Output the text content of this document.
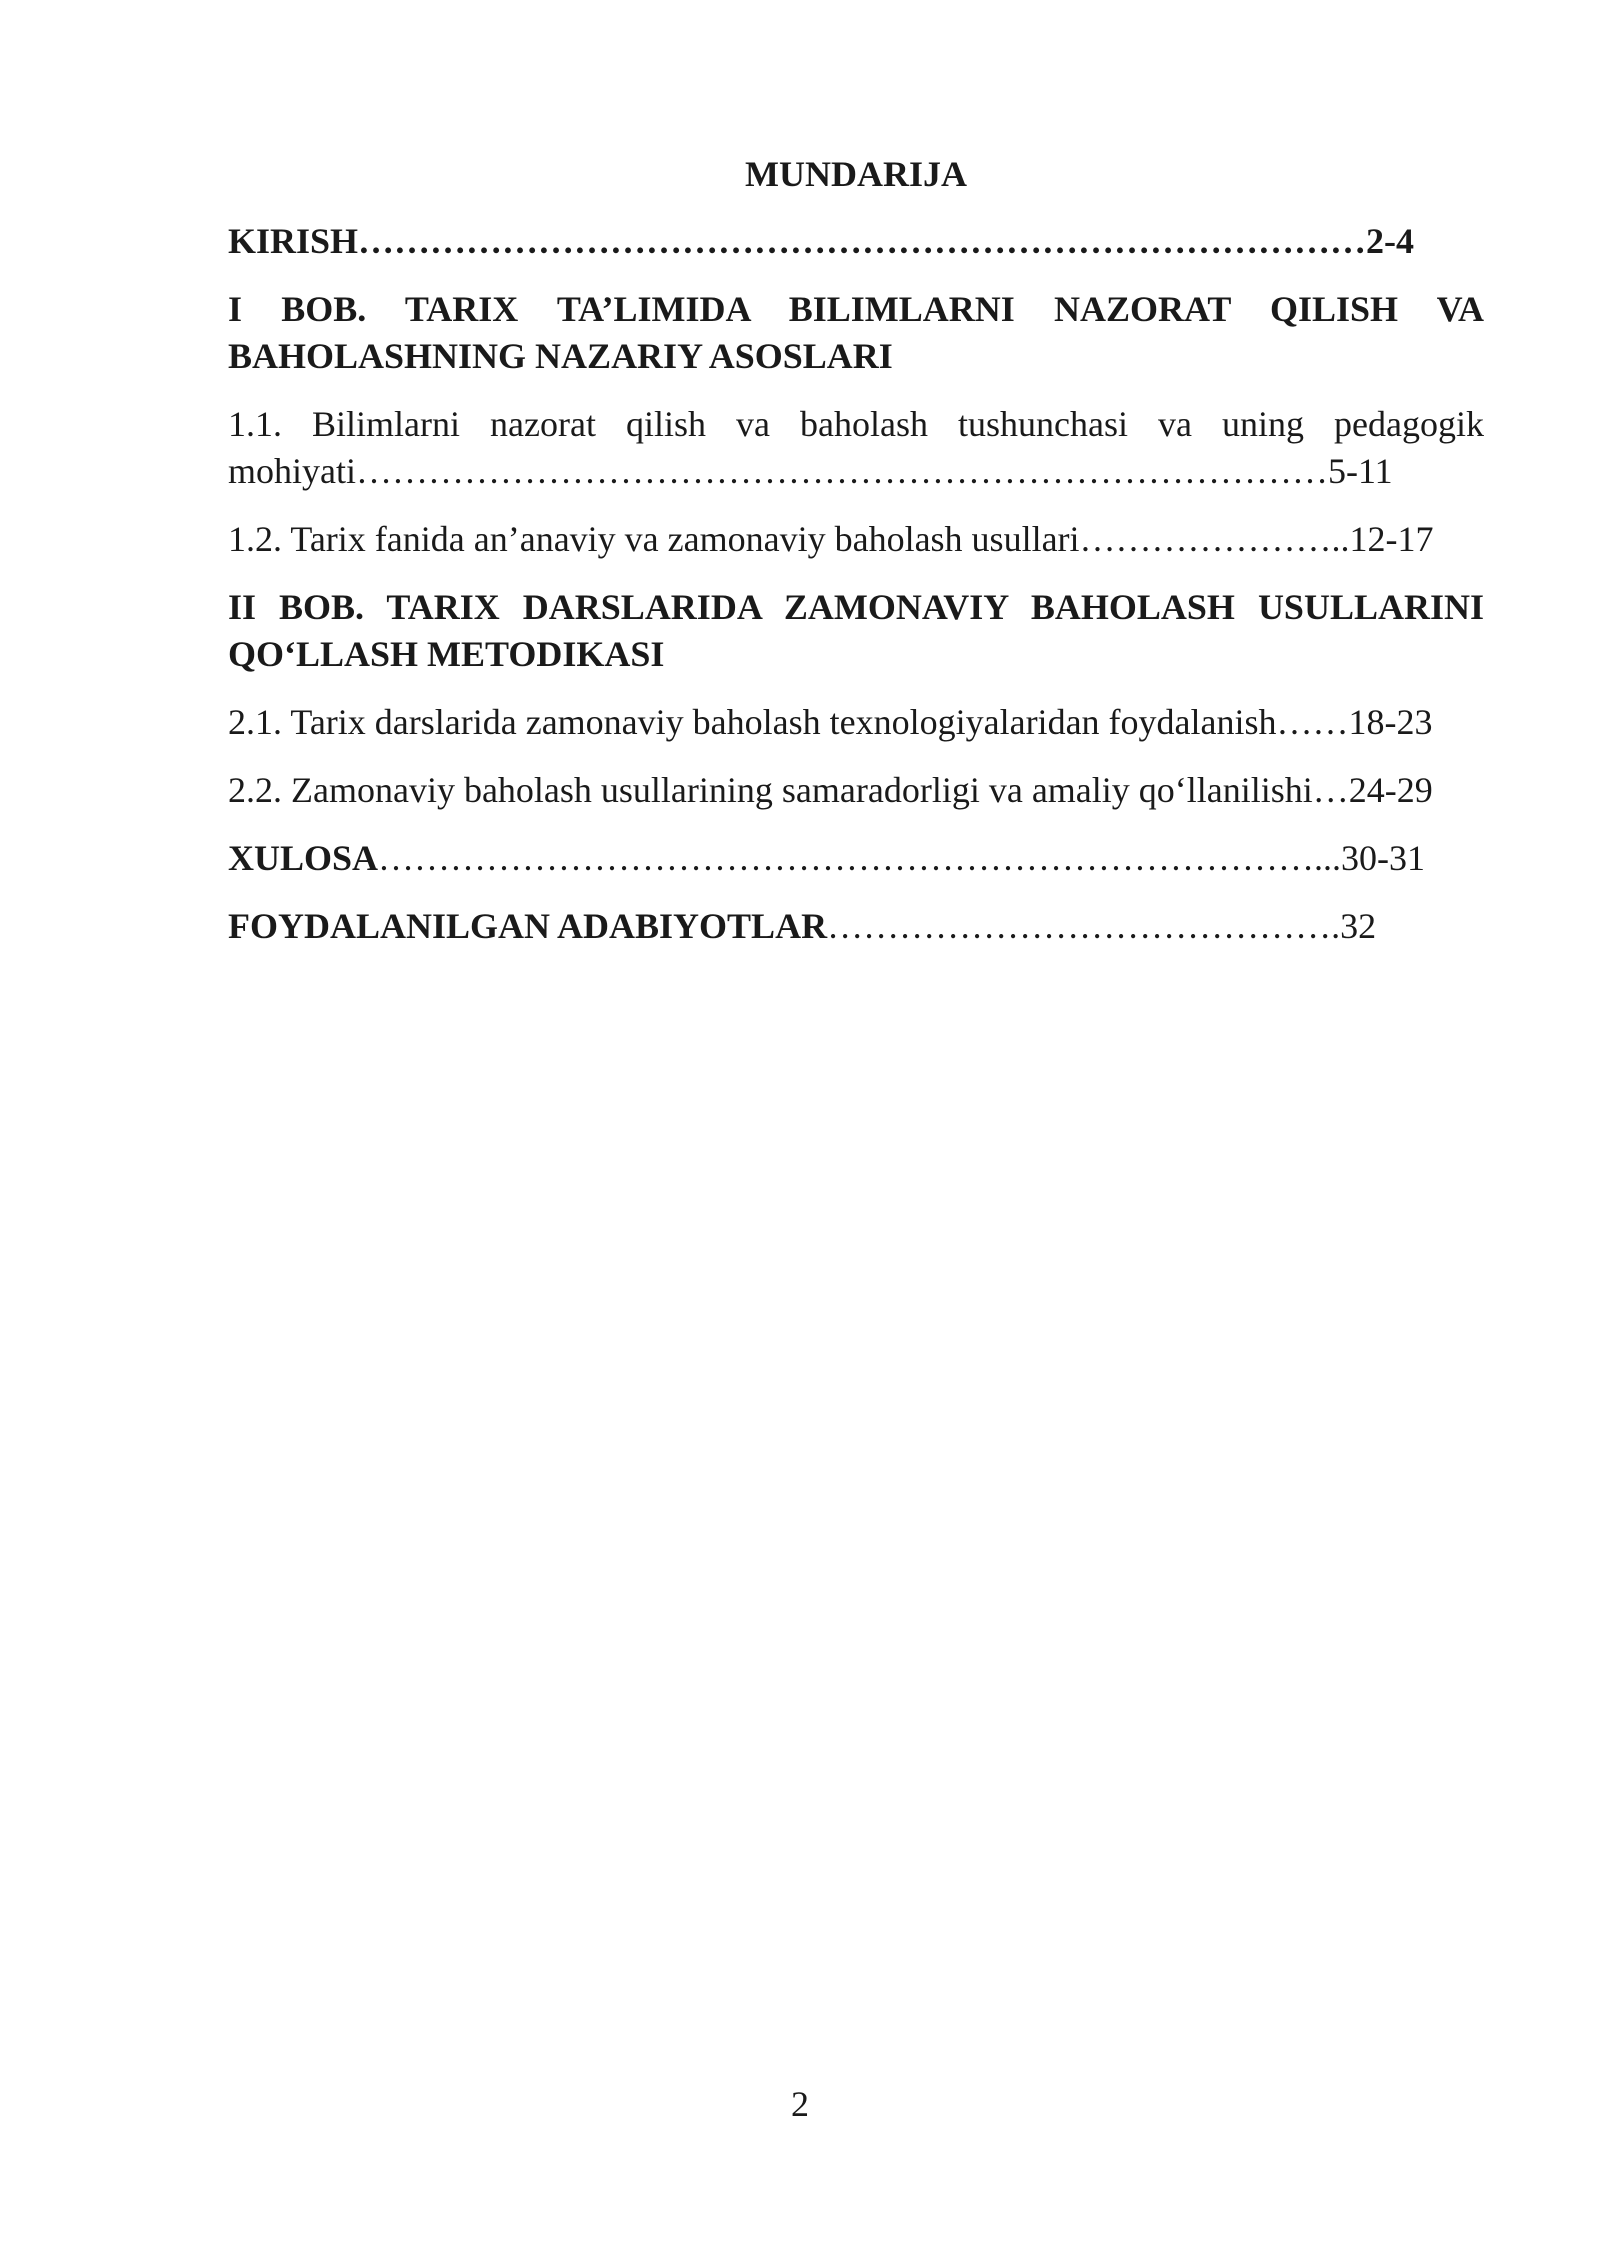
MUNDARIJA
KIRISH…………………………………………………………………………2-4
I BOB. TARIX TA’LIMIDA BILIMLARNI NAZORAT QILISH VA BAHOLASHNING NAZARIY ASOSLARI
1.1. Bilimlarni nazorat qilish va baholash tushunchasi va uning pedagogik mohiyati………………………………………………………………………5-11
1.2. Tarix fanida an’anaviy va zamonaviy baholash usullari…………………..12-17
II BOB. TARIX DARSLARIDA ZAMONAVIY BAHOLASH USULLARINI QO‘LLASH METODIKASI
2.1. Tarix darslarida zamonaviy baholash texnologiyalaridan foydalanish……18-23
2.2. Zamonaviy baholash usullarining samaradorligi va amaliy qo‘llanilishi…24-29
XULOSA……………………………………………………………………...30-31
FOYDALANILGAN ADABIYOTLAR…………………………………….32
2
